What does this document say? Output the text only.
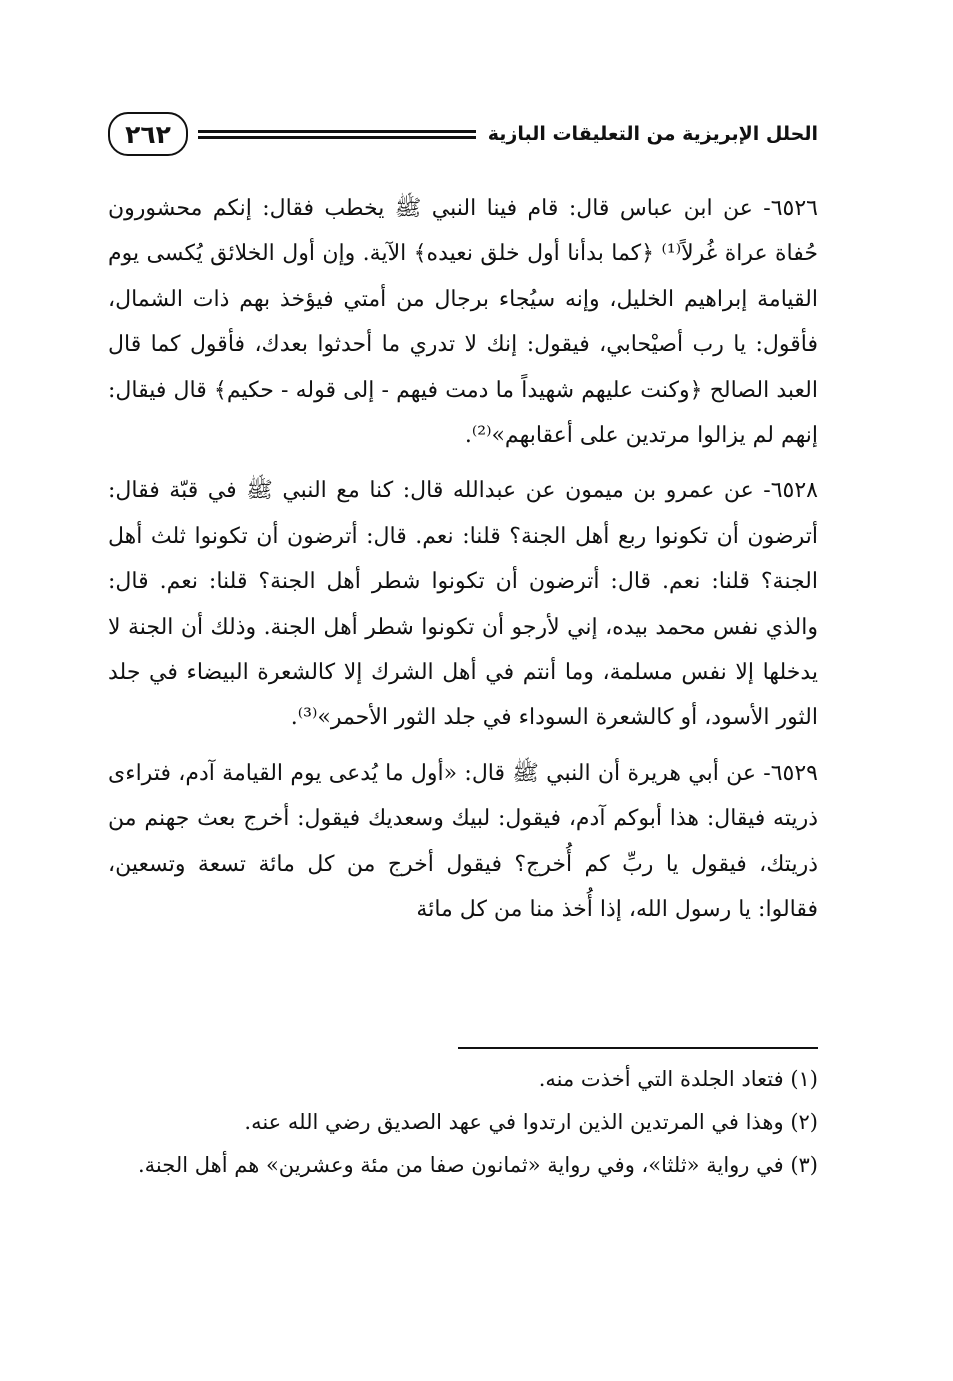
٢٦٢	الحلل الإبريزية من التعليقات البازية

٦٥٢٦- عن ابن عباس قال: قام فينا النبي ﷺ يخطب فقال: إنكم محشورون حُفاة عراة غُرلاً⁽¹⁾ ﴿كما بدأنا أول خلق نعيده﴾ الآية. وإن أول الخلائق يُكسى يوم القيامة إبراهيم الخليل، وإنه سيُجاء برجال من أمتي فيؤخذ بهم ذات الشمال، فأقول: يا رب أصيْحابي، فيقول: إنك لا تدري ما أحدثوا بعدك، فأقول كما قال العبد الصالح ﴿وكنت عليهم شهيداً ما دمت فيهم - إلى قوله - حكيم﴾ قال فيقال: إنهم لم يزالوا مرتدين على أعقابهم»⁽²⁾.

٦٥٢٨- عن عمرو بن ميمون عن عبدالله قال: كنا مع النبي ﷺ في قبّة فقال: أترضون أن تكونوا ربع أهل الجنة؟ قلنا: نعم. قال: أترضون أن تكونوا ثلث أهل الجنة؟ قلنا: نعم. قال: أترضون أن تكونوا شطر أهل الجنة؟ قلنا: نعم. قال: والذي نفس محمد بيده، إني لأرجو أن تكونوا شطر أهل الجنة. وذلك أن الجنة لا يدخلها إلا نفس مسلمة، وما أنتم في أهل الشرك إلا كالشعرة البيضاء في جلد الثور الأسود، أو كالشعرة السوداء في جلد الثور الأحمر»⁽³⁾.

٦٥٢٩- عن أبي هريرة أن النبي ﷺ قال: «أول ما يُدعى يوم القيامة آدم، فتراءى ذريته فيقال: هذا أبوكم آدم، فيقول: لبيك وسعديك فيقول: أخرج بعث جهنم من ذريتك، فيقول يا ربِّ كم أُخرج؟ فيقول أخرج من كل مائة تسعة وتسعين، فقالوا: يا رسول الله، إذا أُخذ منا من كل مائة

(١) فتعاد الجلدة التي أخذت منه.
(٢) وهذا في المرتدين الذين ارتدوا في عهد الصديق رضي الله عنه.
(٣) في رواية «ثلثا»، وفي رواية «ثمانون صفا من مئة وعشرين» هم أهل الجنة.
